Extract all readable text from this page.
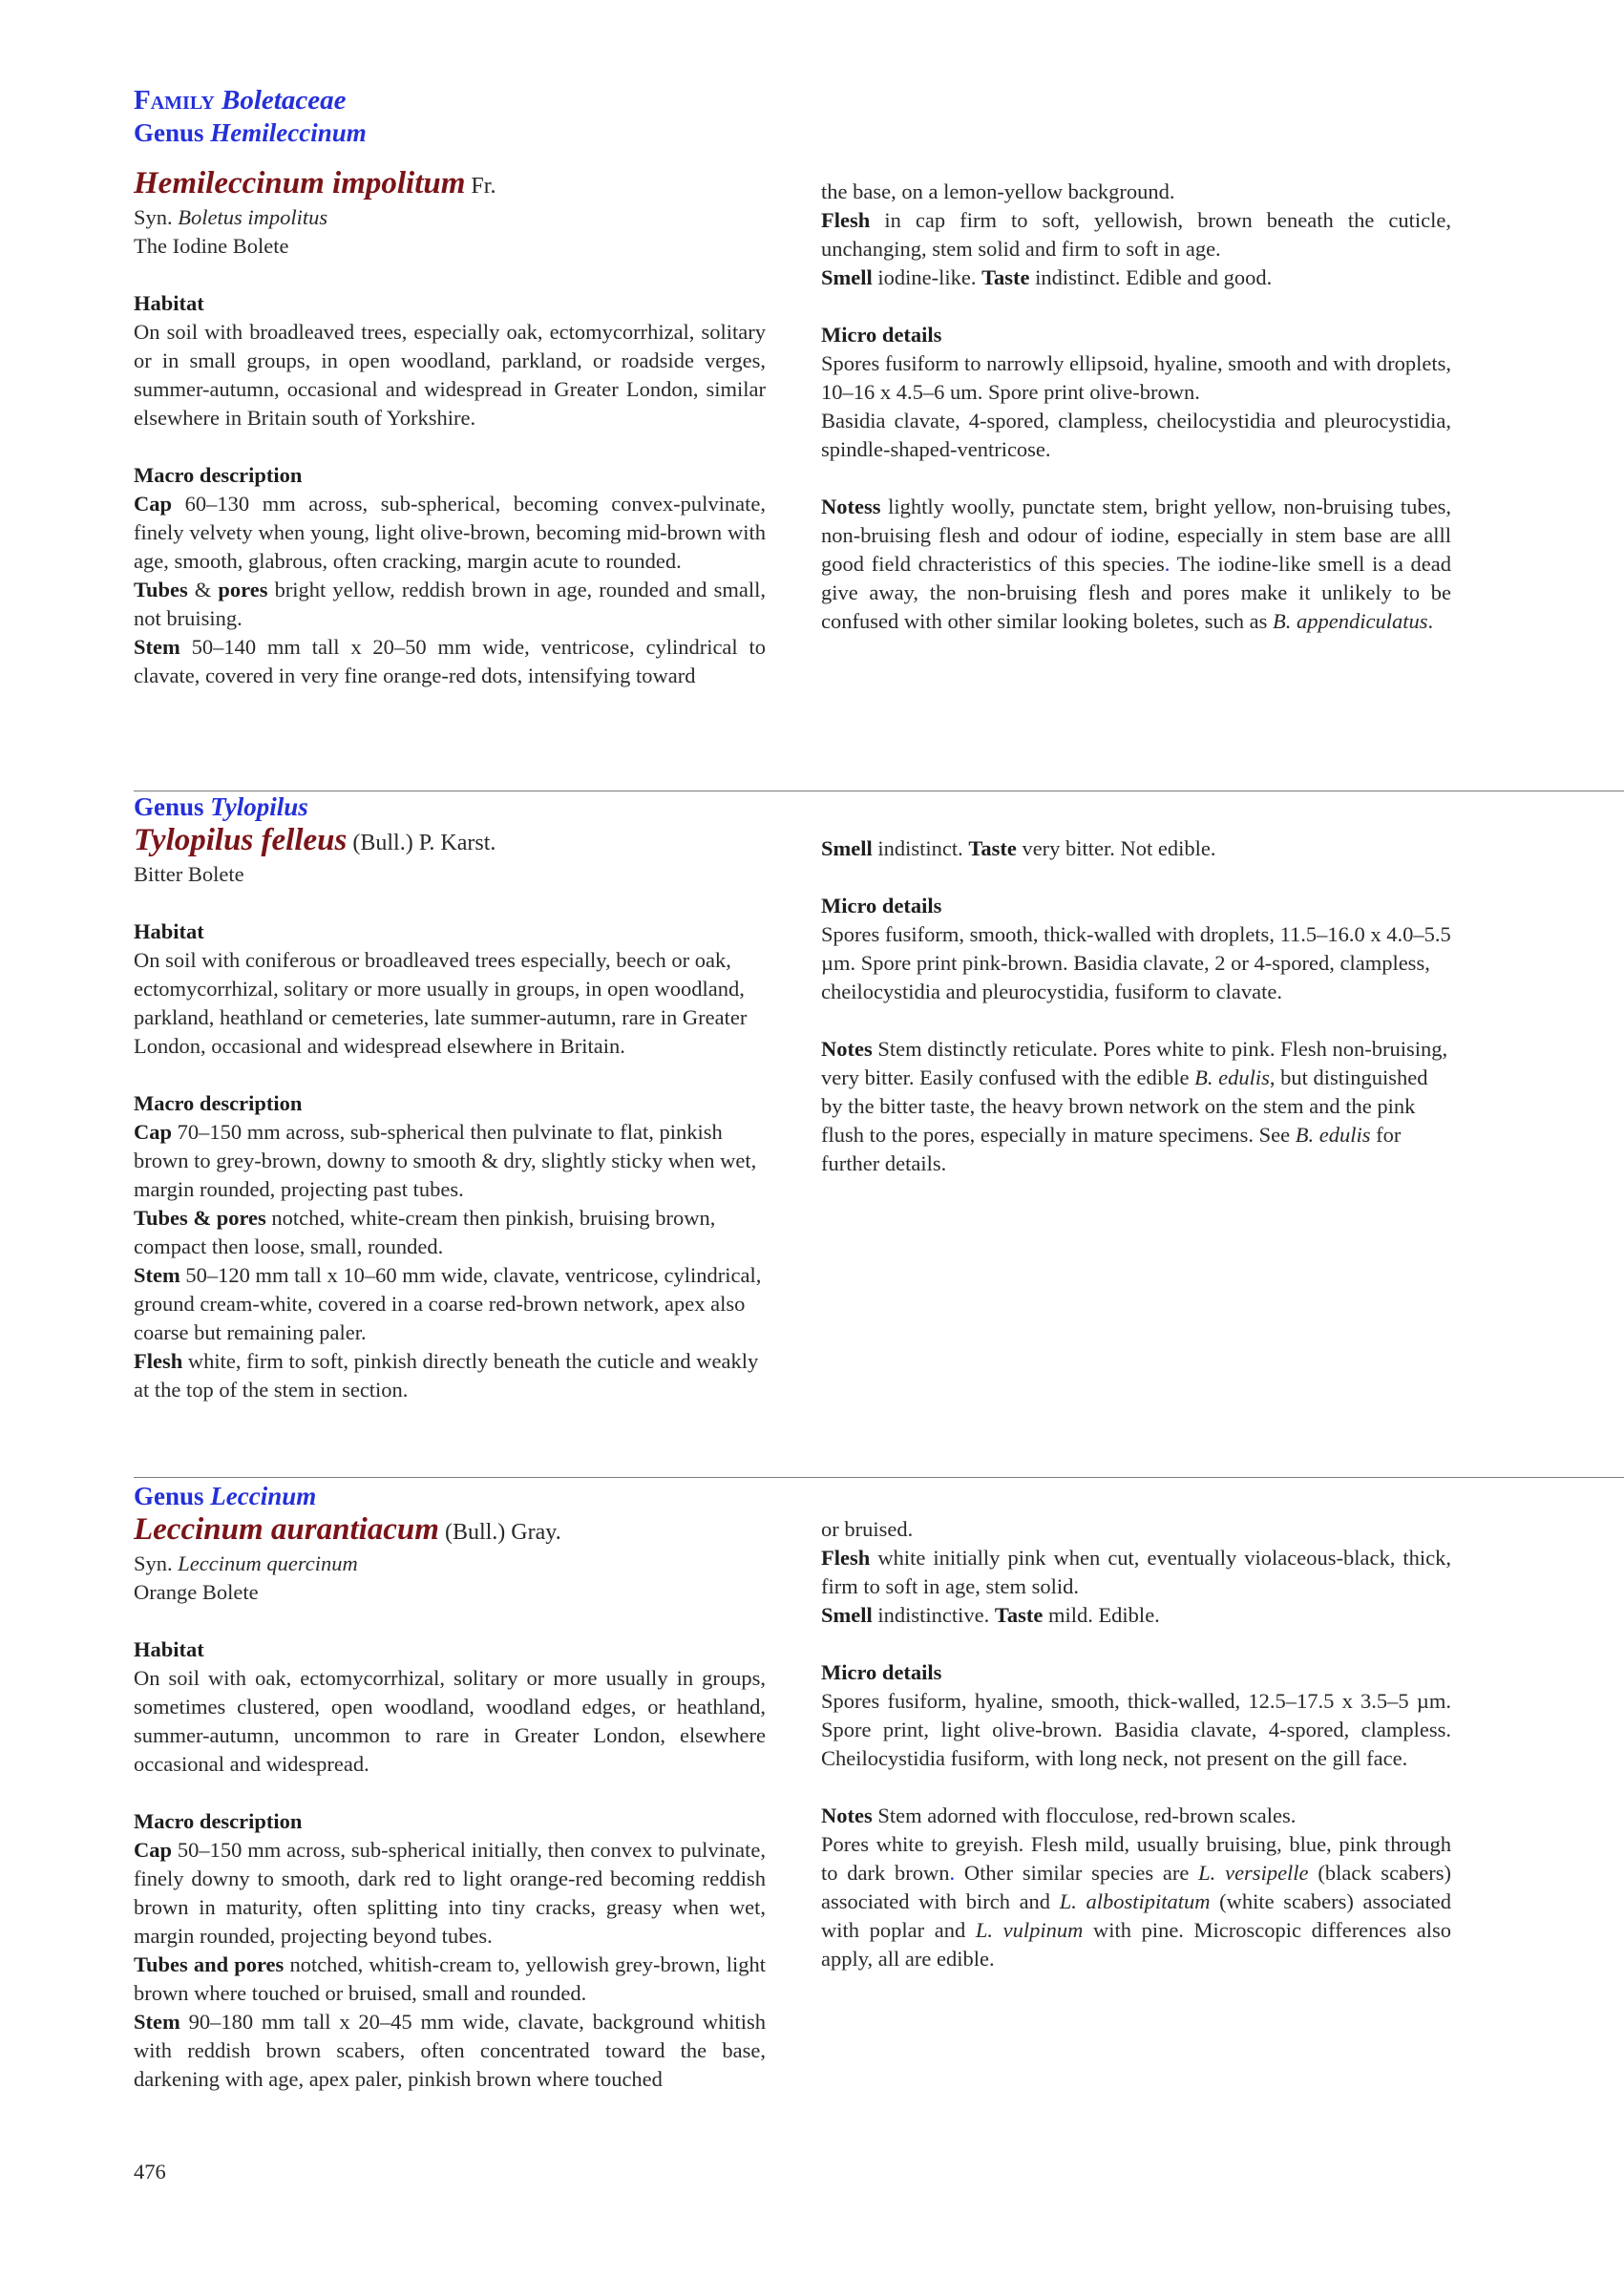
Family Boletaceae
Genus Hemileccinum
Hemileccinum impolitum Fr.

Syn. Boletus impolitus

The Iodine Bolete

Habitat

On soil with broadleaved trees, especially oak, ectomycorrhizal, solitary or in small groups, in open woodland, parkland, or roadside verges, summer-autumn, occasional and widespread in Greater London, similar elsewhere in Britain south of Yorkshire.

Macro description

Cap 60–130 mm across, sub-spherical, becoming convex-pulvinate, finely velvety when young, light olive-brown, becoming mid-brown with age, smooth, glabrous, often cracking, margin acute to rounded.

Tubes & pores bright yellow, reddish brown in age, rounded and small, not bruising.

Stem 50–140 mm tall x 20–50 mm wide, ventricose, cylindrical to clavate, covered in very fine orange-red dots, intensifying toward

the base, on a lemon-yellow background.

Flesh in cap firm to soft, yellowish, brown beneath the cuticle, unchanging, stem solid and firm to soft in age.

Smell iodine-like. Taste indistinct. Edible and good.

Micro details

Spores fusiform to narrowly ellipsoid, hyaline, smooth and with droplets, 10–16 x 4.5–6 um. Spore print olive-brown.

Basidia clavate, 4-spored, clampless, cheilocystidia and pleurocystidia, spindle-shaped-ventricose.

Notess lightly woolly, punctate stem, bright yellow, non-bruising tubes, non-bruising flesh and odour of iodine, especially in stem base are alll good field chracteristics of this species. The iodine-like smell is a dead give away, the non-bruising flesh and pores make it unlikely to be confused with other similar looking boletes, such as B. appendiculatus.

Genus Tylopilus
Tylopilus felleus (Bull.) P. Karst.

Bitter Bolete

Habitat

On soil with coniferous or broadleaved trees especially, beech or oak, ectomycorrhizal, solitary or more usually in groups, in open woodland, parkland, heathland or cemeteries, late summer-autumn, rare in Greater London, occasional and widespread elsewhere in Britain.

Macro description

Cap 70–150 mm across, sub-spherical then pulvinate to flat, pinkish brown to grey-brown, downy to smooth & dry, slightly sticky when wet, margin rounded, projecting past tubes.

Tubes & pores notched, white-cream then pinkish, bruising brown, compact then loose, small, rounded.

Stem 50–120 mm tall x 10–60 mm wide, clavate, ventricose, cylindrical, ground cream-white, covered in a coarse red-brown network, apex also coarse but remaining paler.

Flesh white, firm to soft, pinkish directly beneath the cuticle and weakly at the top of the stem in section.

Smell indistinct. Taste very bitter. Not edible.

Micro details

Spores fusiform, smooth, thick-walled with droplets, 11.5–16.0 x 4.0–5.5 µm. Spore print pink-brown. Basidia clavate, 2 or 4-spored, clampless, cheilocystidia and pleurocystidia, fusiform to clavate.

Notes Stem distinctly reticulate. Pores white to pink. Flesh non-bruising, very bitter. Easily confused with the edible B. edulis, but distinguished by the bitter taste, the heavy brown network on the stem and the pink flush to the pores, especially in mature specimens. See B. edulis for further details.

Genus Leccinum
Leccinum aurantiacum (Bull.) Gray.

Syn. Leccinum quercinum

Orange Bolete

Habitat

On soil with oak, ectomycorrhizal, solitary or more usually in groups, sometimes clustered, open woodland, woodland edges, or heathland, summer-autumn, uncommon to rare in Greater London, elsewhere occasional and widespread.

Macro description

Cap 50–150 mm across, sub-spherical initially, then convex to pulvinate, finely downy to smooth, dark red to light orange-red becoming reddish brown in maturity, often splitting into tiny cracks, greasy when wet, margin rounded, projecting beyond tubes.

Tubes and pores notched, whitish-cream to, yellowish grey-brown, light brown where touched or bruised, small and rounded.

Stem 90–180 mm tall x 20–45 mm wide, clavate, background whitish with reddish brown scabers, often concentrated toward the base, darkening with age, apex paler, pinkish brown where touched

or bruised.

Flesh white initially pink when cut, eventually violaceous-black, thick, firm to soft in age, stem solid.

Smell indistinctive. Taste mild. Edible.

Micro details

Spores fusiform, hyaline, smooth, thick-walled, 12.5–17.5 x 3.5–5 µm. Spore print, light olive-brown. Basidia clavate, 4-spored, clampless. Cheilocystidia fusiform, with long neck, not present on the gill face.

Notes Stem adorned with flocculose, red-brown scales.

Pores white to greyish. Flesh mild, usually bruising, blue, pink through to dark brown. Other similar species are L. versipelle (black scabers) associated with birch and L. albostipitatum (white scabers) associated with poplar and L. vulpinum with pine. Microscopic differences also apply, all are edible.

476
